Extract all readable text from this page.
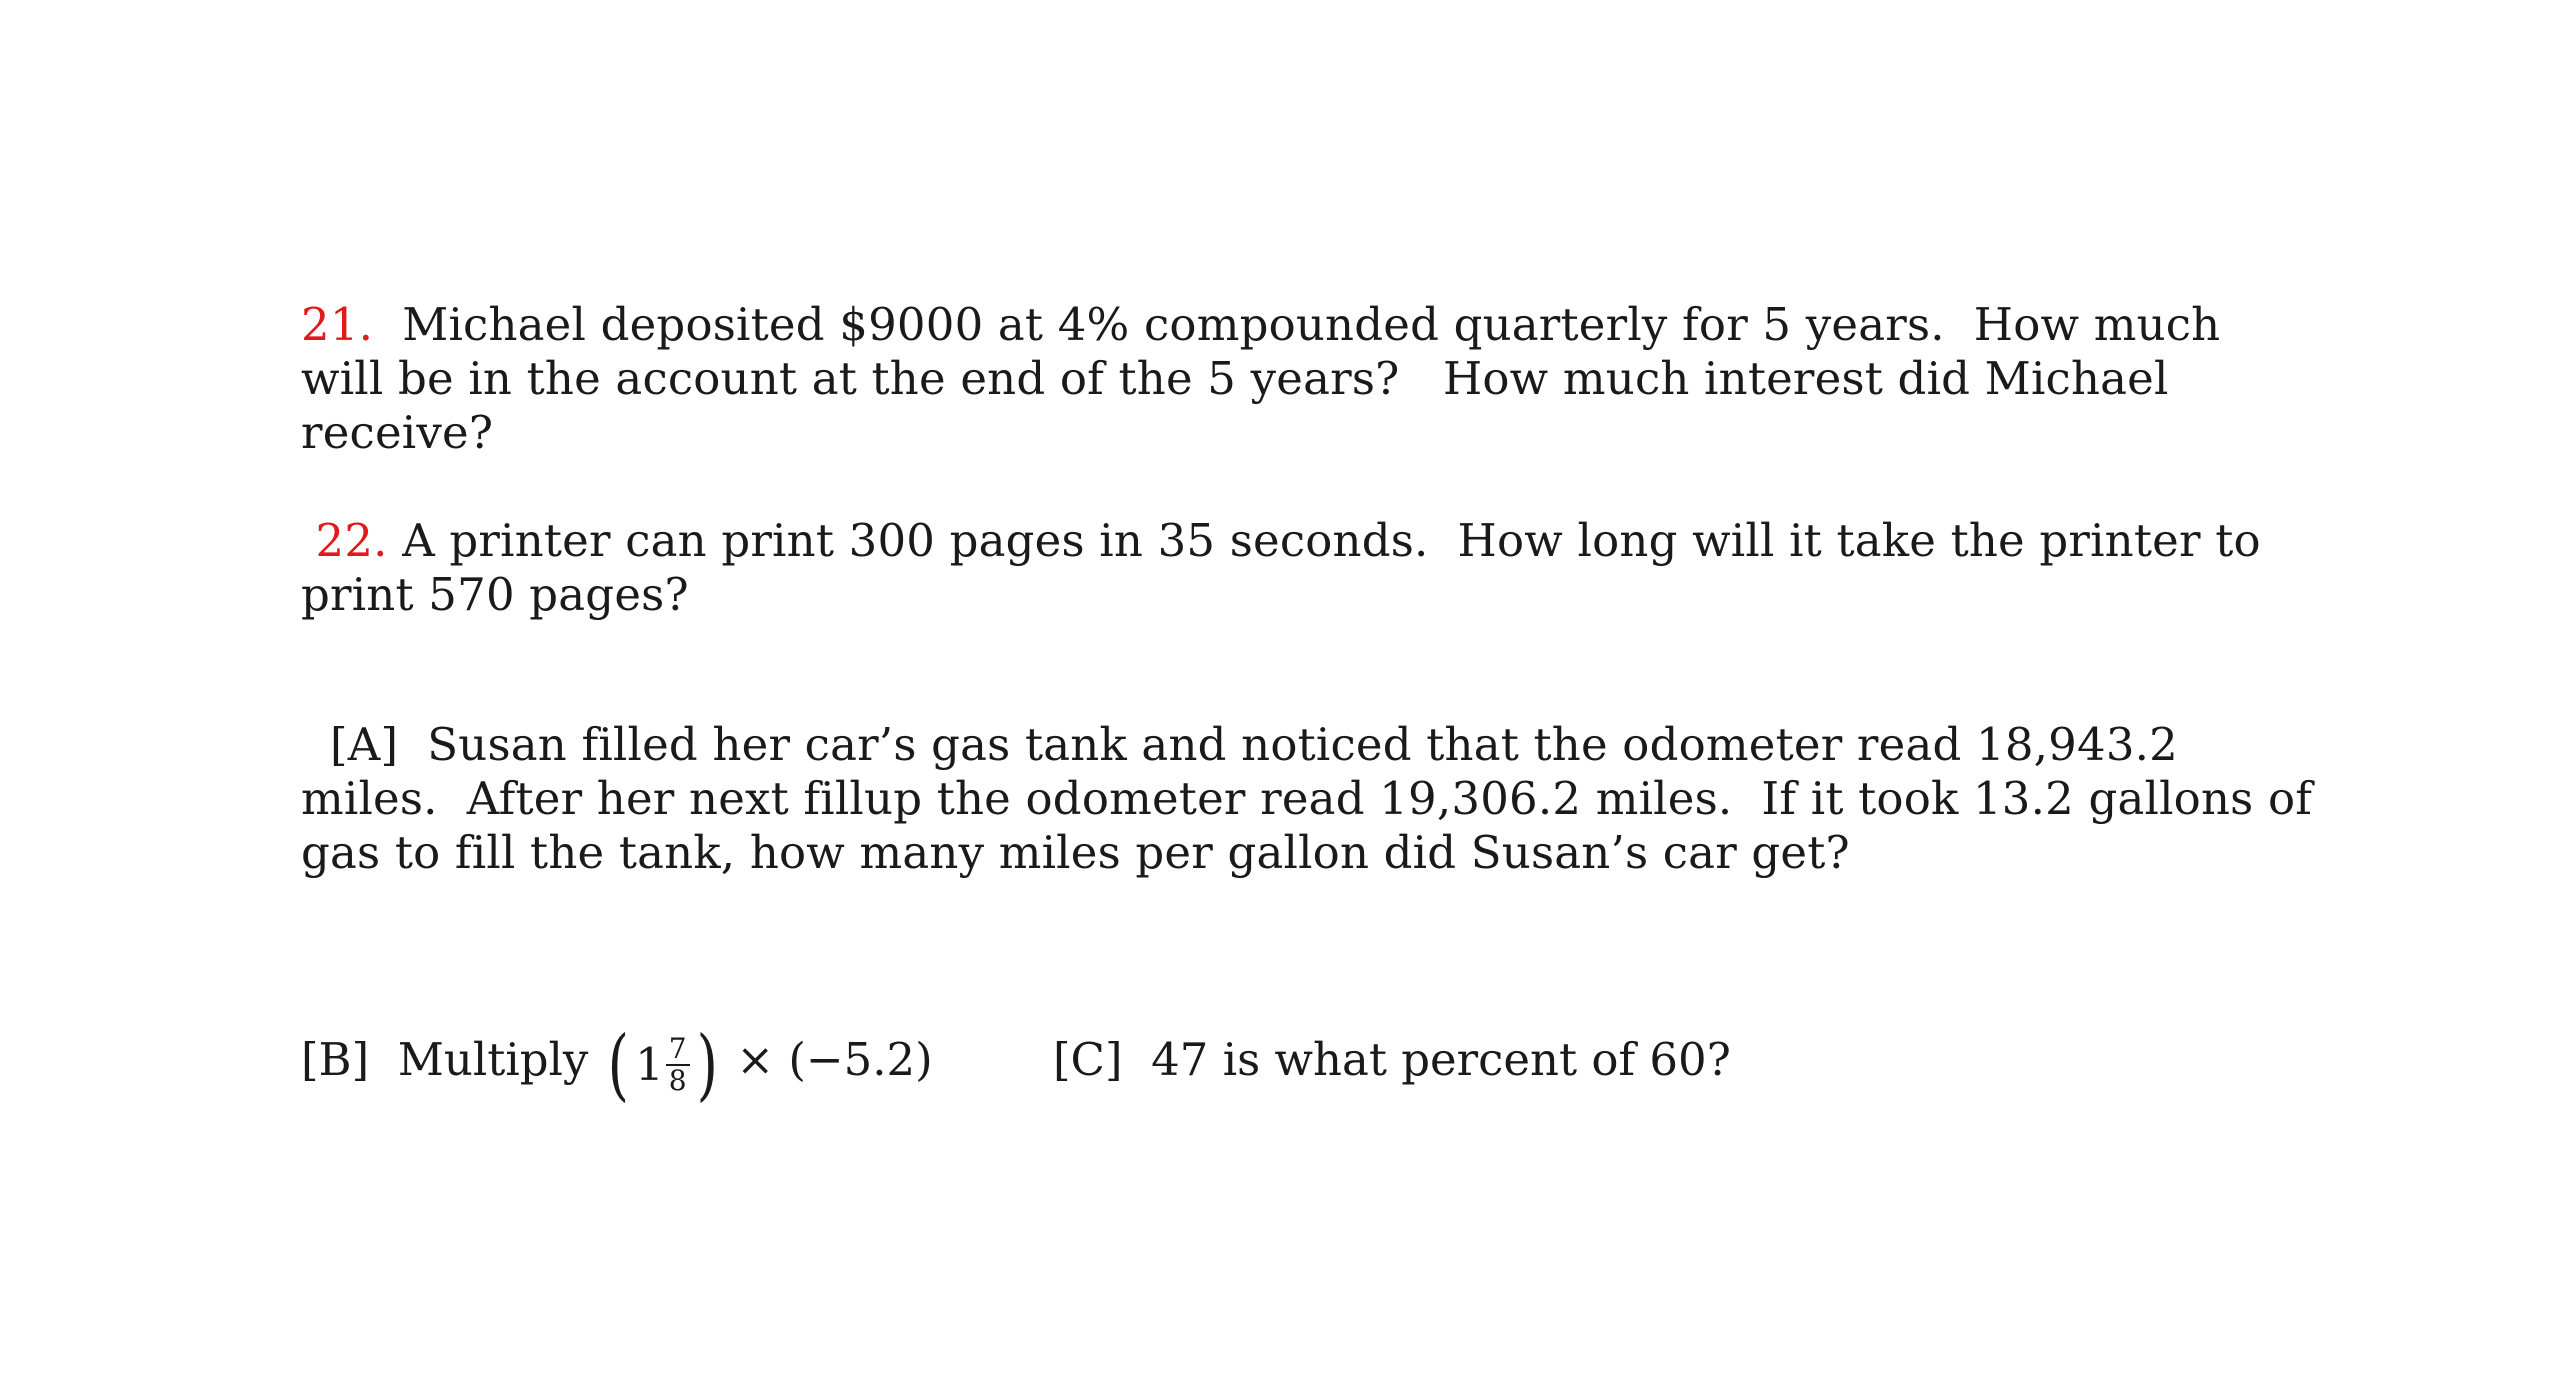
21. Michael deposited $9000 at 4% compounded quarterly for 5 years.  How much
will be in the account at the end of the 5 years?   How much interest did Michael
receive?
22. A printer can print 300 pages in 35 seconds.  How long will it take the printer to
print 570 pages?
[A] Susan filled her car’s gas tank and noticed that the odometer read 18,943.2
miles.  After her next fillup the odometer read 19,306.2 miles.  If it took 13.2 gallons of
gas to fill the tank, how many miles per gallon did Susan’s car get?

[B] Multiply ( $1 \frac{7}{8}$ ) × (−5.2)

	[C] 47 is what percent of 60?
